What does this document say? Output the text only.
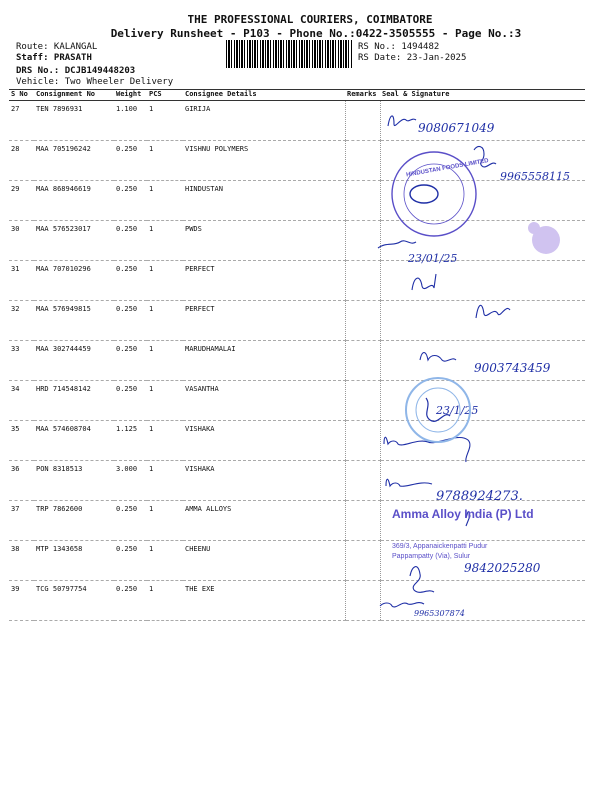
THE PROFESSIONAL COURIERS, COIMBATORE
Delivery Runsheet - P103 - Phone No.:0422-3505555 - Page No.:3
Route: KALANGAL
Staff: PRASATH
DRS No.: DCJB149448203
Vehicle: Two Wheeler Delivery
RS No.: 1494482
RS Date: 23-Jan-2025
S No	Consignment No	Weight	PCS	Consignee Details	Remarks	Seal & Signature
27	TEN 7896931	1.100	1	GIRIJA		
28	MAA 705196242	0.250	1	VISHNU POLYMERS		
29	MAA 868946619	0.250	1	HINDUSTAN		
30	MAA 576523017	0.250	1	PWDS		
31	MAA 707010296	0.250	1	PERFECT		
32	MAA 576949815	0.250	1	PERFECT		
33	MAA 302744459	0.250	1	MARUDHAMALAI		
34	HRD 714548142	0.250	1	VASANTHA		
35	MAA 574608704	1.125	1	VISHAKA		
36	PON 8318513	3.000	1	VISHAKA		
37	TRP 7862600	0.250	1	AMMA ALLOYS		
38	MTP 1343658	0.250	1	CHEENU		
39	TCG 50797754	0.250	1	THE EXE		
9080671049
9965558115
23/01/25
9003743459
23/1/25
9788924273.
9842025280
9965307874
HINDUSTAN FOODS LIMITED
Amma Alloy India (P) Ltd
369/3, Appanaickenpatti Pudur
Pappampatty (Via), Sulur
